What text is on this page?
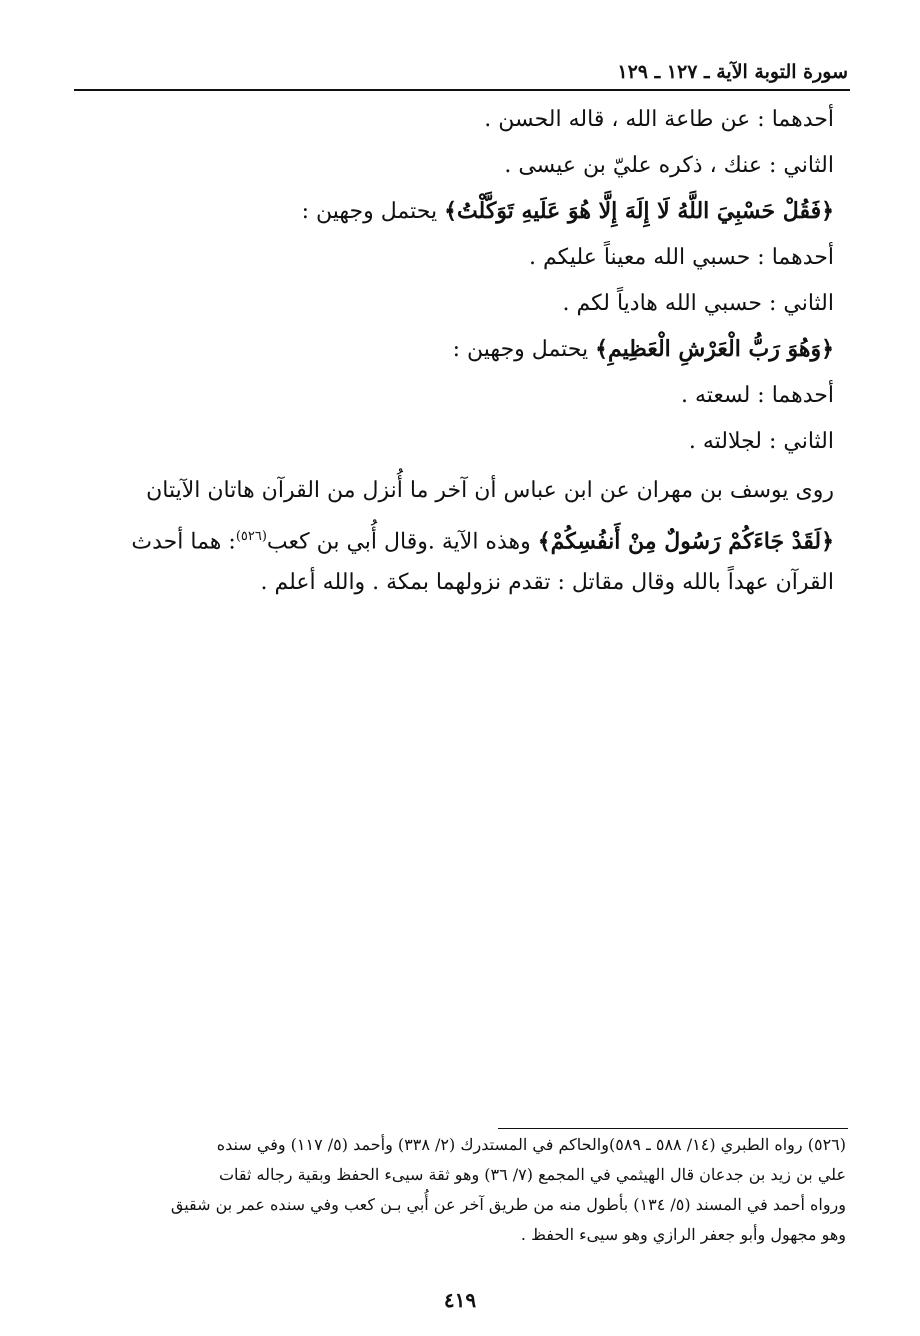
سورة التوبة الآية ـ ١٢٧ ـ ١٢٩
أحدهما : عن طاعة الله ، قاله الحسن .
الثاني : عنك ، ذكره عليّ بن عيسى .
﴿فَقُلْ حَسْبِيَ اللَّهُ لَا إِلَهَ إِلَّا هُوَ عَلَيهِ تَوَكَّلْتُ﴾ يحتمل وجهين :
أحدهما : حسبي الله معيناً عليكم .
الثاني : حسبي الله هادياً لكم .
﴿وَهُوَ رَبُّ الْعَرْشِ الْعَظِيمِ﴾ يحتمل وجهين :
أحدهما : لسعته .
الثاني : لجلالته .
روى يوسف بن مهران عن ابن عباس أن آخر ما أُنزل من القرآن هاتان الآيتان
﴿لَقَدْ جَاءَكُمْ رَسُولٌ مِنْ أَنفُسِكُمْ﴾ وهذه الآية .وقال أُبي بن كعب$^{(٥٢٦)}$: هما أحدث
القرآن عهداً بالله وقال مقاتل : تقدم نزولهما بمكة . والله أعلم .
(٥٢٦) رواه الطبري (١٤/ ٥٨٨ ـ ٥٨٩)والحاكم في المستدرك (٢/ ٣٣٨) وأحمد (٥/ ١١٧) وفي سنده
علي بن زيد بن جدعان قال الهيثمي في المجمع (٧/ ٣٦) وهو ثقة سيىء الحفظ وبقية رجاله ثقات
ورواه أحمد في المسند (٥/ ١٣٤) بأطول منه من طريق آخر عن أُبي بـن كعب وفي سنده عمر بن شقيق
وهو مجهول وأبو جعفر الرازي وهو سيىء الحفظ .
٤١٩
